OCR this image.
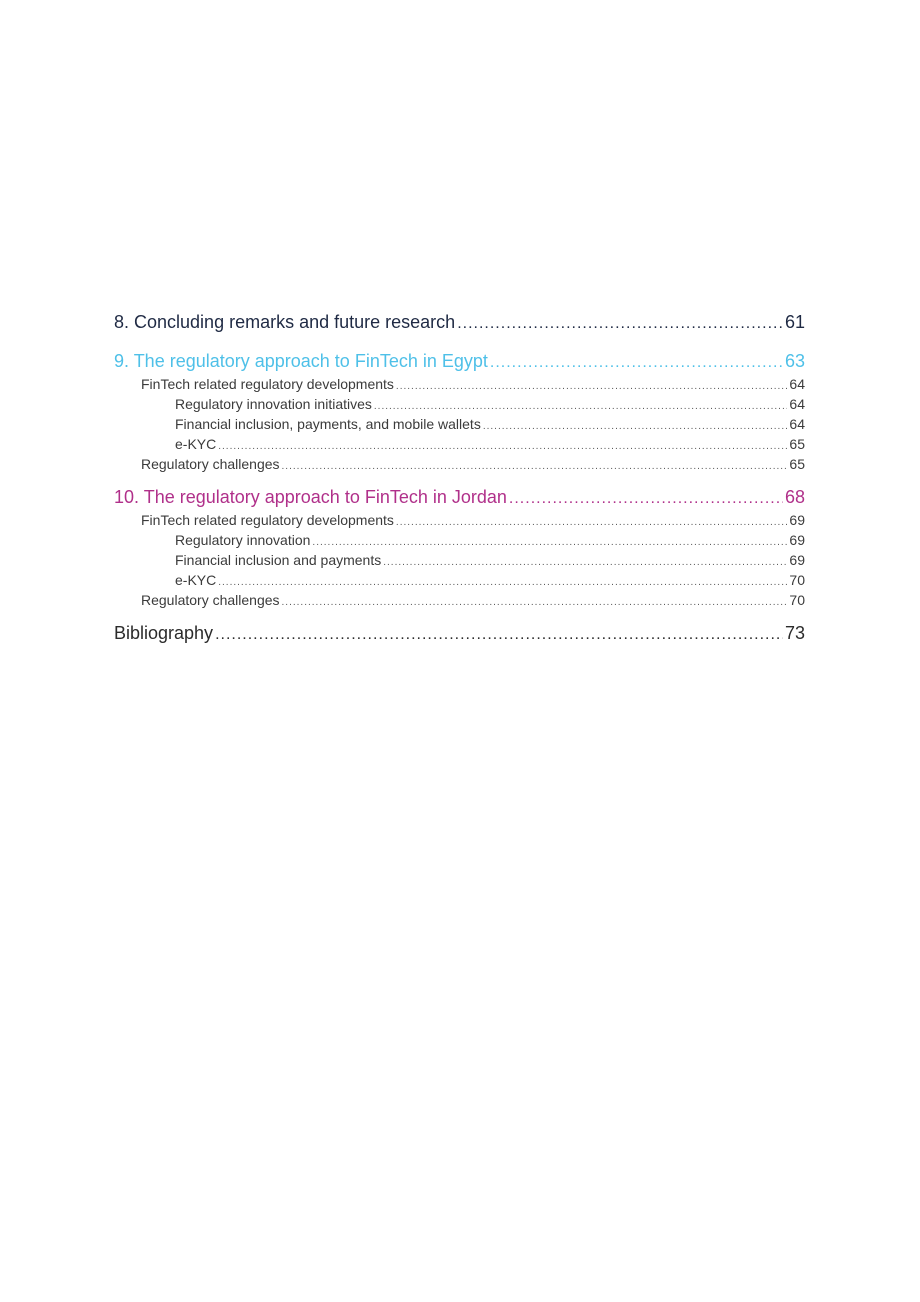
8. Concluding remarks and future research .....	61
9. The regulatory approach to FinTech in Egypt .....	63
FinTech related regulatory developments .....	64
Regulatory innovation initiatives .....	64
Financial inclusion, payments, and mobile wallets .....	64
e-KYC .....	65
Regulatory challenges .....	65
10. The regulatory approach to FinTech in Jordan .....	68
FinTech related regulatory developments .....	69
Regulatory innovation .....	69
Financial inclusion and payments .....	69
e-KYC .....	70
Regulatory challenges .....	70
Bibliography .....	73
